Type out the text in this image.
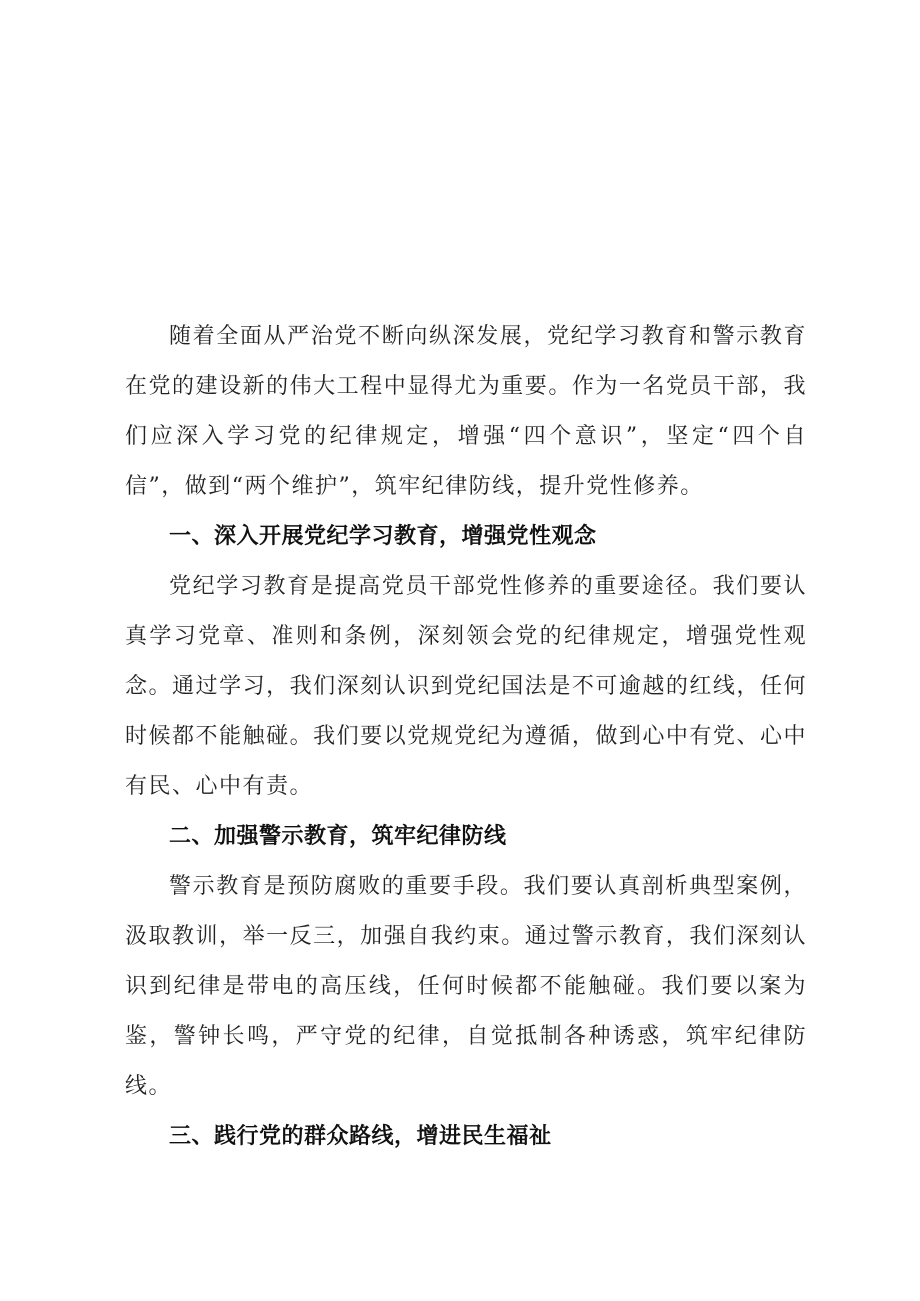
随着全面从严治党不断向纵深发展，党纪学习教育和警示教育在党的建设新的伟大工程中显得尤为重要。作为一名党员干部，我们应深入学习党的纪律规定，增强“四个意识”，坚定“四个自信”，做到“两个维护”，筑牢纪律防线，提升党性修养。

一、深入开展党纪学习教育，增强党性观念

党纪学习教育是提高党员干部党性修养的重要途径。我们要认真学习党章、准则和条例，深刻领会党的纪律规定，增强党性观念。通过学习，我们深刻认识到党纪国法是不可逾越的红线，任何时候都不能触碰。我们要以党规党纪为遵循，做到心中有党、心中有民、心中有责。

二、加强警示教育，筑牢纪律防线

警示教育是预防腐败的重要手段。我们要认真剖析典型案例，汲取教训，举一反三，加强自我约束。通过警示教育，我们深刻认识到纪律是带电的高压线，任何时候都不能触碰。我们要以案为鉴，警钟长鸣，严守党的纪律，自觉抵制各种诱惑，筑牢纪律防线。

三、践行党的群众路线，增进民生福祉
